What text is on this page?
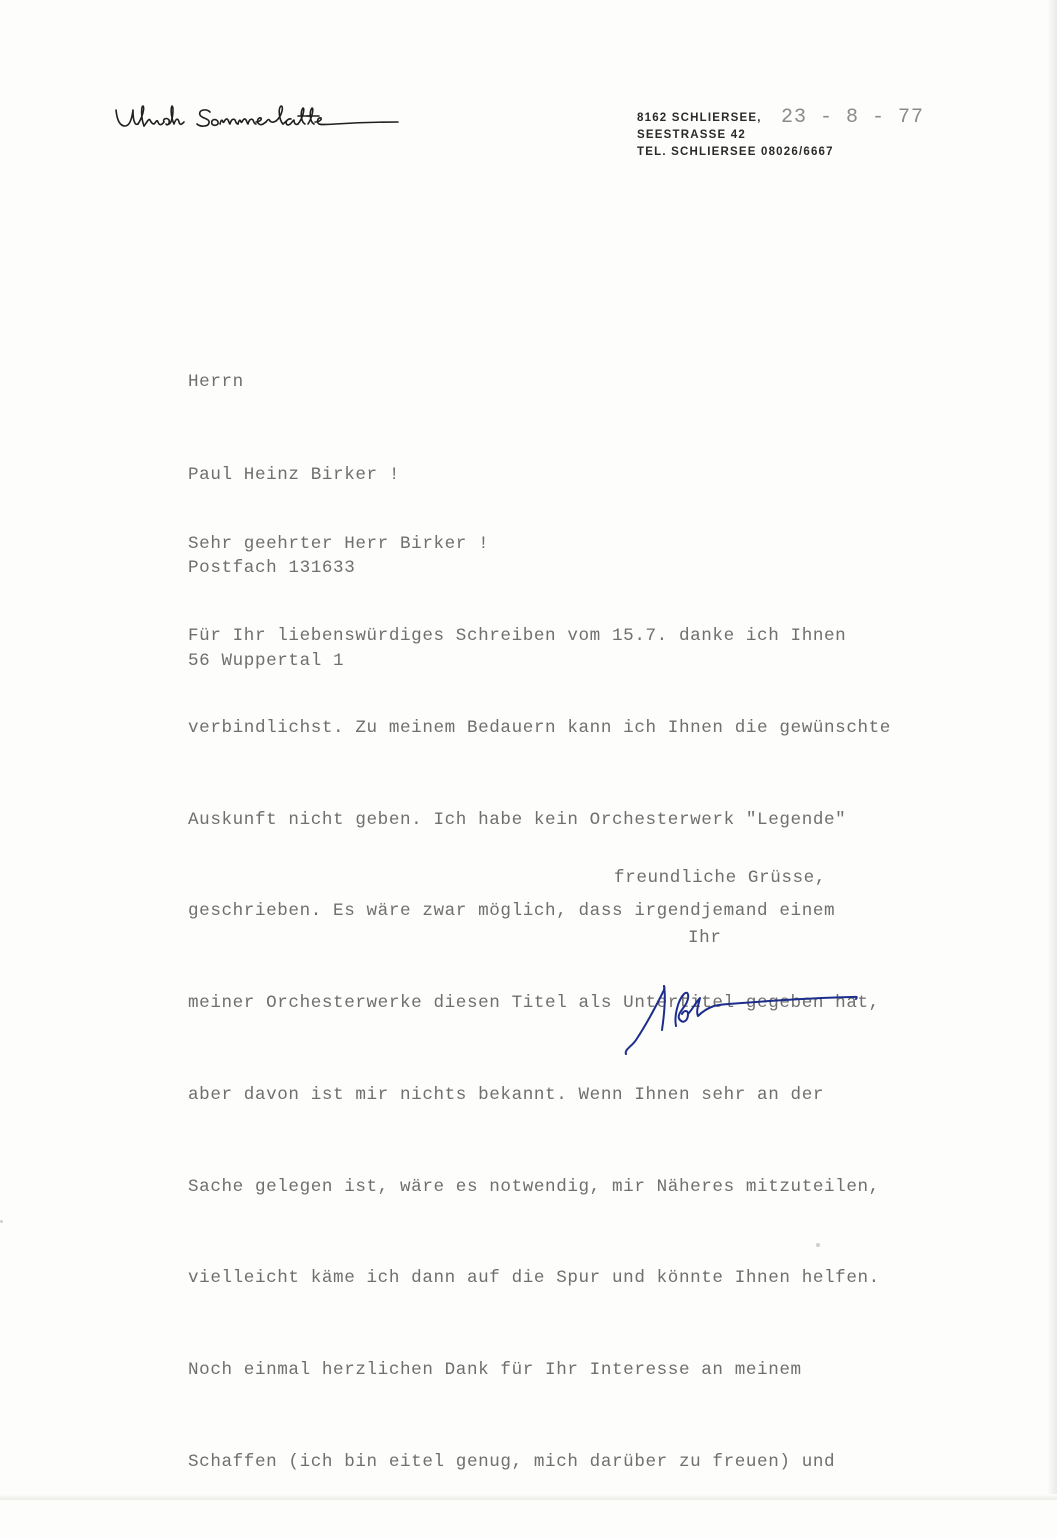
8162 SCHLIERSEE,
SEESTRASSE 42
TEL. SCHLIERSEE 08026/6667
23 - 8 - 77

Herrn

Paul Heinz Birker !

Postfach 131633

56 Wuppertal 1

Sehr geehrter Herr Birker !

Für Ihr liebenswürdiges Schreiben vom 15.7. danke ich Ihnen

verbindlichst. Zu meinem Bedauern kann ich Ihnen die gewünschte

Auskunft nicht geben. Ich habe kein Orchesterwerk "Legende"

geschrieben. Es wäre zwar möglich, dass irgendjemand einem

meiner Orchesterwerke diesen Titel als Untertitel gegeben hat,

aber davon ist mir nichts bekannt. Wenn Ihnen sehr an der

Sache gelegen ist, wäre es notwendig, mir Näheres mitzuteilen,

vielleicht käme ich dann auf die Spur und könnte Ihnen helfen.

Noch einmal herzlichen Dank für Ihr Interesse an meinem

Schaffen (ich bin eitel genug, mich darüber zu freuen) und

freundliche Grüsse,
Ihr
